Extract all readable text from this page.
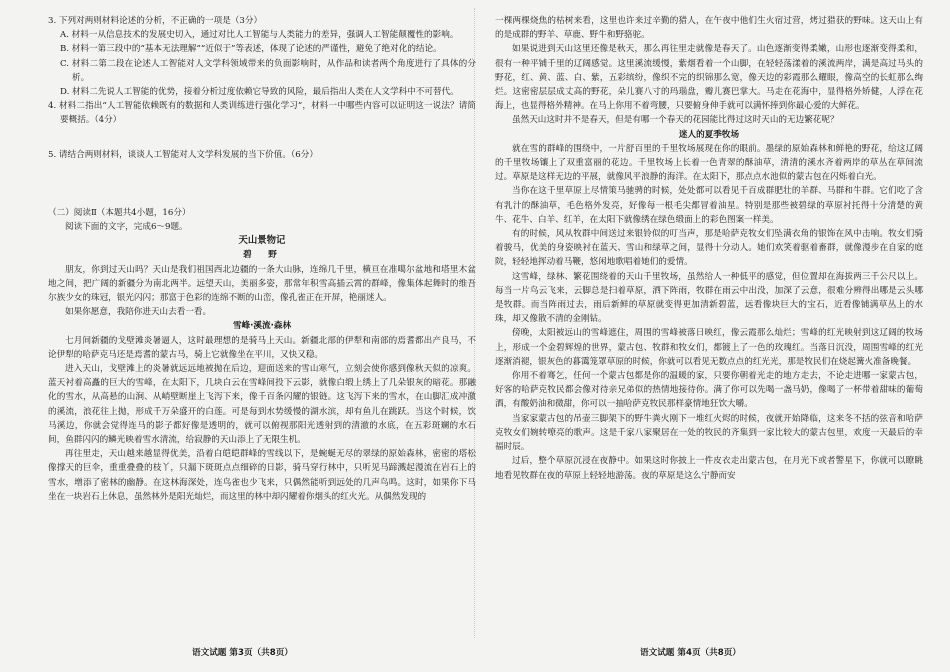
3. 下列对两则材料论述的分析，不正确的一项是（3分）

A. 材料一从信息技术的发展史切入，通过对比人工智能与人类能力的差异，强调人工智能颠覆性的影响。

B. 材料一第三段中的“基本无法理解”“近似于”等表述，体现了论述的严谨性，避免了绝对化的结论。

C. 材料二第二段在论述人工智能对人文学科领域带来的负面影响时，从作品和读者两个角度进行了具体的分析。

D. 材料二先说人工智能的优势，接着分析过度依赖它导致的风险，最后指出人类在人文学科中不可替代。

4. 材料二指出“人工智能依赖既有的数据和人类训练进行强化学习”，材料一中哪些内容可以证明这一说法？请简要概括。（4分）

5. 请结合两则材料，谈谈人工智能对人文学科发展的当下价值。（6分）

（二）阅读Ⅱ（本题共4小题，16分）

阅读下面的文字，完成6～9题。

天山景物记

碧　野

朋友，你到过天山吗？天山是我们祖国西北边疆的一条大山脉，连绵几千里，横亘在准噶尔盆地和塔里木盆地之间，把广阔的新疆分为南北两半。远望天山，美丽多姿，那常年积雪高插云霄的群峰，像集体起舞时的维吾尔族少女的珠冠，银光闪闪；那富于色彩的连绵不断的山峦，像孔雀正在开屏，艳丽迷人。

如果你愿意，我陪你进天山去看一看。

雪峰·溪流·森林

七月间新疆的戈壁滩炎暑逼人，这时最理想的是骑马上天山。新疆北部的伊犁和南部的焉耆都出产良马，不论伊犁的哈萨克马还是焉耆的蒙古马，骑上它就像坐在平川，又快又稳。

进入天山，戈壁滩上的炎暑就远远地被抛在后边，迎面送来的雪山寒气，立刻会使你感到像秋天似的凉爽。蓝天衬着高矗的巨大的雪峰，在太阳下，几块白云在雪峰间投下云影，就像白缎上绣上了几朵银灰的暗花。那融化的雪水，从高悬的山涧、从峭壁断崖上飞泻下来，像千百条闪耀的银链。这飞泻下来的雪水，在山脚汇成冲激的溪流，浪花往上抛，形成千万朵盛开的白莲。可是每到水势缓慢的湖水滨，却有鱼儿在跳跃。当这个时候，饮马溪边，你就会觉得连马的影子都好像是透明的，就可以俯视那阳光透射到的清澈的水底，在五彩斑斓的水石间，鱼群闪闪的鳞光映着雪水清流，给寂静的天山添上了无限生机。

再往里走，天山越来越显得优美，沿着白皑皑群峰的雪线以下，是蜿蜒无尽的翠绿的原始森林，密密的塔松像撑天的巨伞，重重叠叠的枝丫，只漏下斑斑点点细碎的日影，骑马穿行林中，只听见马蹄溅起漫流在岩石上的雪水，增添了密林的幽静。在这林海深处，连鸟雀也少飞来，只偶然能听到远处的几声鸟鸣。这时，如果你下马坐在一块岩石上休息，虽然林外是阳光灿烂，而这里的林中却闪耀着你烟头的红火光。从偶然发现的

语文试题 第3页（共8页）

一棵两棵烧焦的枯树来看，这里也许来过辛勤的猎人，在午夜中他们生火宿过营，烤过猎获的野味。这天山上有的是成群的野羊、草鹿、野牛和野骆驼。

如果说进到天山这里还像是秋天，那么再往里走就像是春天了。山色逐渐变得柔嫩，山形也逐渐变得柔和，很有一种平铺千里的辽阔感觉。这里溪流缓慢，紫烟看着一个山脚，在轻轻荡漾着的溪流两岸，满是高过马头的野花，红、黄、蓝、白、紫，五彩缤纷，像织不完的织锦那么宽，像天边的彩霞那么耀眼，像高空的长虹那么绚烂。这密密层层成丈高的野花，朵儿赛八寸的玛瑙盘，瓣儿赛巴掌大。马走在花海中，显得格外矫健，人浮在花海上，也显得格外精神。在马上你用不着弯腰，只要俯身伸手就可以满怀捧到你最心爱的大鲜花。

虽然天山这时并不是春天，但是有哪一个春天的花园能比得过这时天山的无边繁花呢？

迷人的夏季牧场

就在雪的群峰的围绕中，一片舒百里的千里牧场展现在你的眼前。墨绿的原始森林和鲜艳的野花，给这辽阔的千里牧场镶上了双重富丽的花边。千里牧场上长着一色青翠的酥油草，清清的溪水齐着两岸的草丛在草间流过。草原是这样无边的平展，就像风平浪静的海洋。在太阳下，那点点水池似的蒙古包在闪烁着白光。

当你在这千里草原上尽情策马驰骋的时候，处处都可以看见千百成群肥壮的羊群、马群和牛群。它们吃了含有乳汁的酥油草，毛色格外发亮，好像每一根毛尖都冒着油星。特别是那些被碧绿的草原衬托得十分清楚的黄牛、花牛、白羊、红羊，在太阳下就像绣在绿色缎面上的彩色图案一样美。

有的时候，风从牧群中间送过来银铃似的叮当声，那是哈萨克牧女们坠满衣角的银饰在风中击响。牧女们骑着骏马，优美的身姿映衬在蓝天、雪山和绿草之间，显得十分动人。她们欢笑着驱着畜群，就像漫步在自家的庭院，轻轻地挥动着马鞭，悠闲地歌唱着她们的爱情。

这雪峰，绿林、繁花围绕着的天山千里牧场，虽然给人一种低平的感觉，但位置却在海拔两三千公尺以上。每当一片鸟云飞来，云脚总是扫着草原，洒下阵雨，牧群在雨云中出没，加深了云意，很难分辨得出哪是云头哪是牧群。而当阵雨过去，雨后新鲜的草原就变得更加清新碧蓝，远看像块巨大的宝石，近看像铺满草丛上的水珠，却又像散不清的金刚钻。

傍晚，太阳被远山的雪峰遮住，周围的雪峰被落日映红，像云霞那么灿烂；雪峰的红光映射到这辽阔的牧场上，形成一个金碧辉煌的世界，蒙古包、牧群和牧女们，都镀上了一色的玫瑰红。当落日沉没，周围雪峰的红光逐渐消褪，银灰色的暮霭笼罩草原的时候，你就可以看见无数点点的红光光，那是牧民们在烧起篝火准备晚餐。

你用不着骞乞，任何一个蒙古包都是你的温暖的家，只要你朝着光走的地方走去，不论走进哪一家蒙古包，好客的哈萨克牧民都会像对待亲兄弟似的热情地接待你。满了你可以先喝一盏马奶，像喝了一杯带着甜味的葡萄酒，有酸奶油和微甜，你可以一抽哈萨克牧民那样豪情地狂饮大嚼。

当家家蒙古包的吊壶三脚架下的野牛粪火刚下一堆红火烬的时候，夜就开始降临，这来冬不括的弦音和哈萨克牧女们婉转嘹亮的歌声。这是千家八家聚居在一处的牧民的齐集到一家比较大的蒙古包里，欢度一天最后的幸福时辰。

过后，整个草原沉浸在夜静中。如果这时你披上一件皮衣走出蒙古包，在月光下或者警星下，你就可以瞭眺地看见牧群在夜的草原上轻轻地游荡。夜的草原是这么宁静而安

语文试题 第4页（共8页）
